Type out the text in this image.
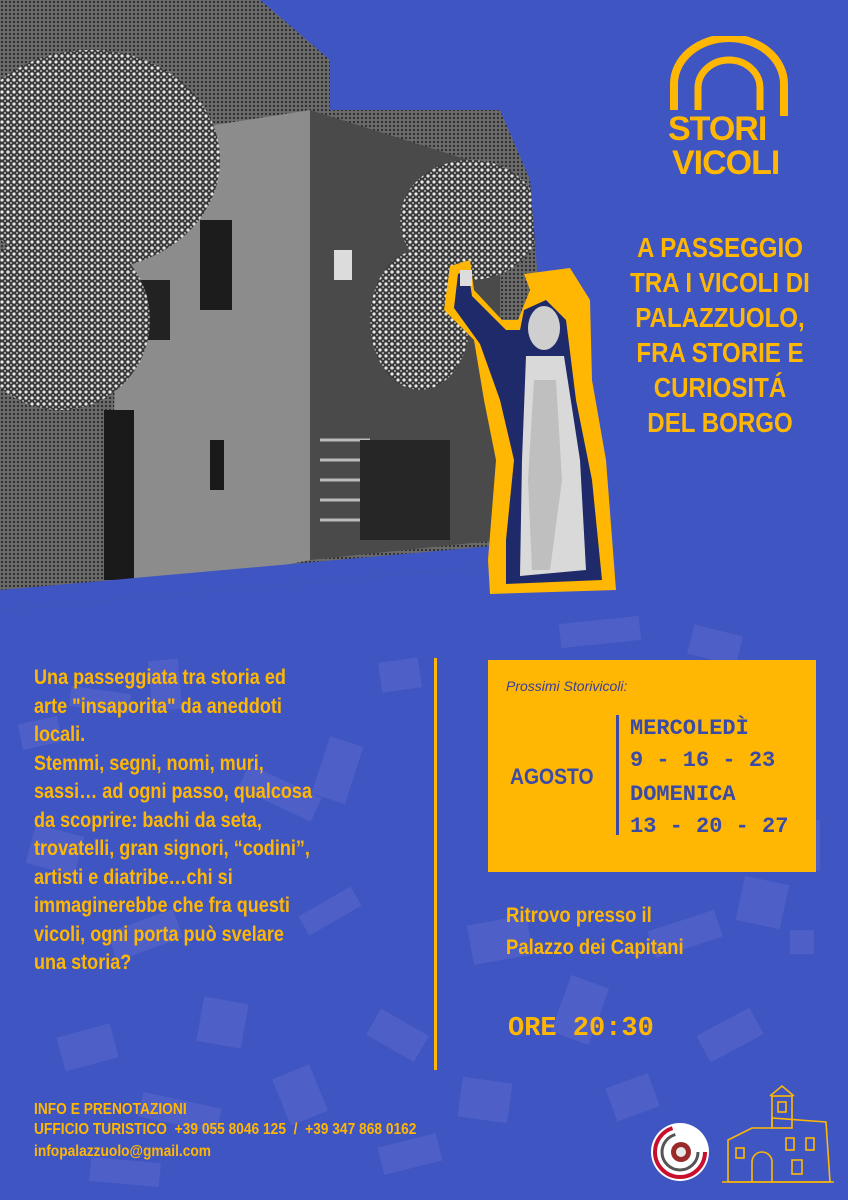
STORI
VICOLI
A PASSEGGIO
TRA I VICOLI DI
PALAZZUOLO,
FRA STORIE E
CURIOSITÁ
DEL BORGO
Una passeggiata tra storia ed
arte "insaporita" da aneddoti
locali.
Stemmi, segni, nomi, muri,
sassi… ad ogni passo, qualcosa
da scoprire: bachi da seta,
trovatelli, gran signori, “codini”,
artisti e diatribe…chi si
immaginerebbe che fra questi
vicoli, ogni porta può svelare
una storia?
Prossimi Storivicoli:
AGOSTO
MERCOLEDÌ
9 - 16 - 23
DOMENICA
13 - 20 - 27
Ritrovo presso il
Palazzo dei Capitani
ORE 20:30
INFO E PRENOTAZIONI
UFFICIO TURISTICO  +39 055 8046 125  /  +39 347 868 0162
infopalazzuolo@gmail.com
